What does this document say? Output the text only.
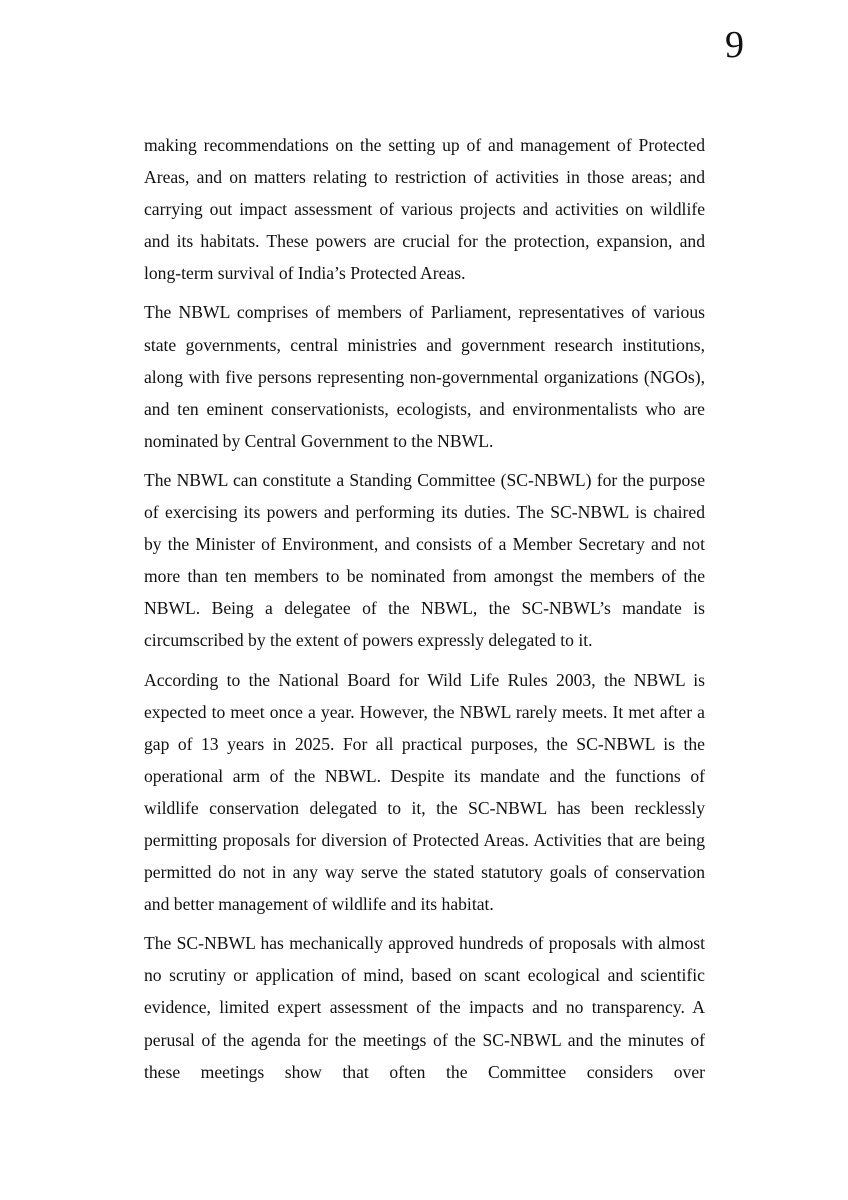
9

making recommendations on the setting up of and management of Protected Areas, and on matters relating to restriction of activities in those areas; and carrying out impact assessment of various projects and activities on wildlife and its habitats. These powers are crucial for the protection, expansion, and long-term survival of India’s Protected Areas.

The NBWL comprises of members of Parliament, representatives of various state governments, central ministries and government research institutions, along with five persons representing non-governmental organizations (NGOs), and ten eminent conservationists, ecologists, and environmentalists who are nominated by Central Government to the NBWL.

The NBWL can constitute a Standing Committee (SC-NBWL) for the purpose of exercising its powers and performing its duties. The SC-NBWL is chaired by the Minister of Environment, and consists of a Member Secretary and not more than ten members to be nominated from amongst the members of the NBWL. Being a delegatee of the NBWL, the SC-NBWL’s mandate is circumscribed by the extent of powers expressly delegated to it.

According to the National Board for Wild Life Rules 2003, the NBWL is expected to meet once a year. However, the NBWL rarely meets. It met after a gap of 13 years in 2025. For all practical purposes, the SC-NBWL is the operational arm of the NBWL. Despite its mandate and the functions of wildlife conservation delegated to it, the SC-NBWL has been recklessly permitting proposals for diversion of Protected Areas. Activities that are being permitted do not in any way serve the stated statutory goals of conservation and better management of wildlife and its habitat.

The SC-NBWL has mechanically approved hundreds of proposals with almost no scrutiny or application of mind, based on scant ecological and scientific evidence, limited expert assessment of the impacts and no transparency. A perusal of the agenda for the meetings of the SC-NBWL and the minutes of these meetings show that often the Committee considers over
